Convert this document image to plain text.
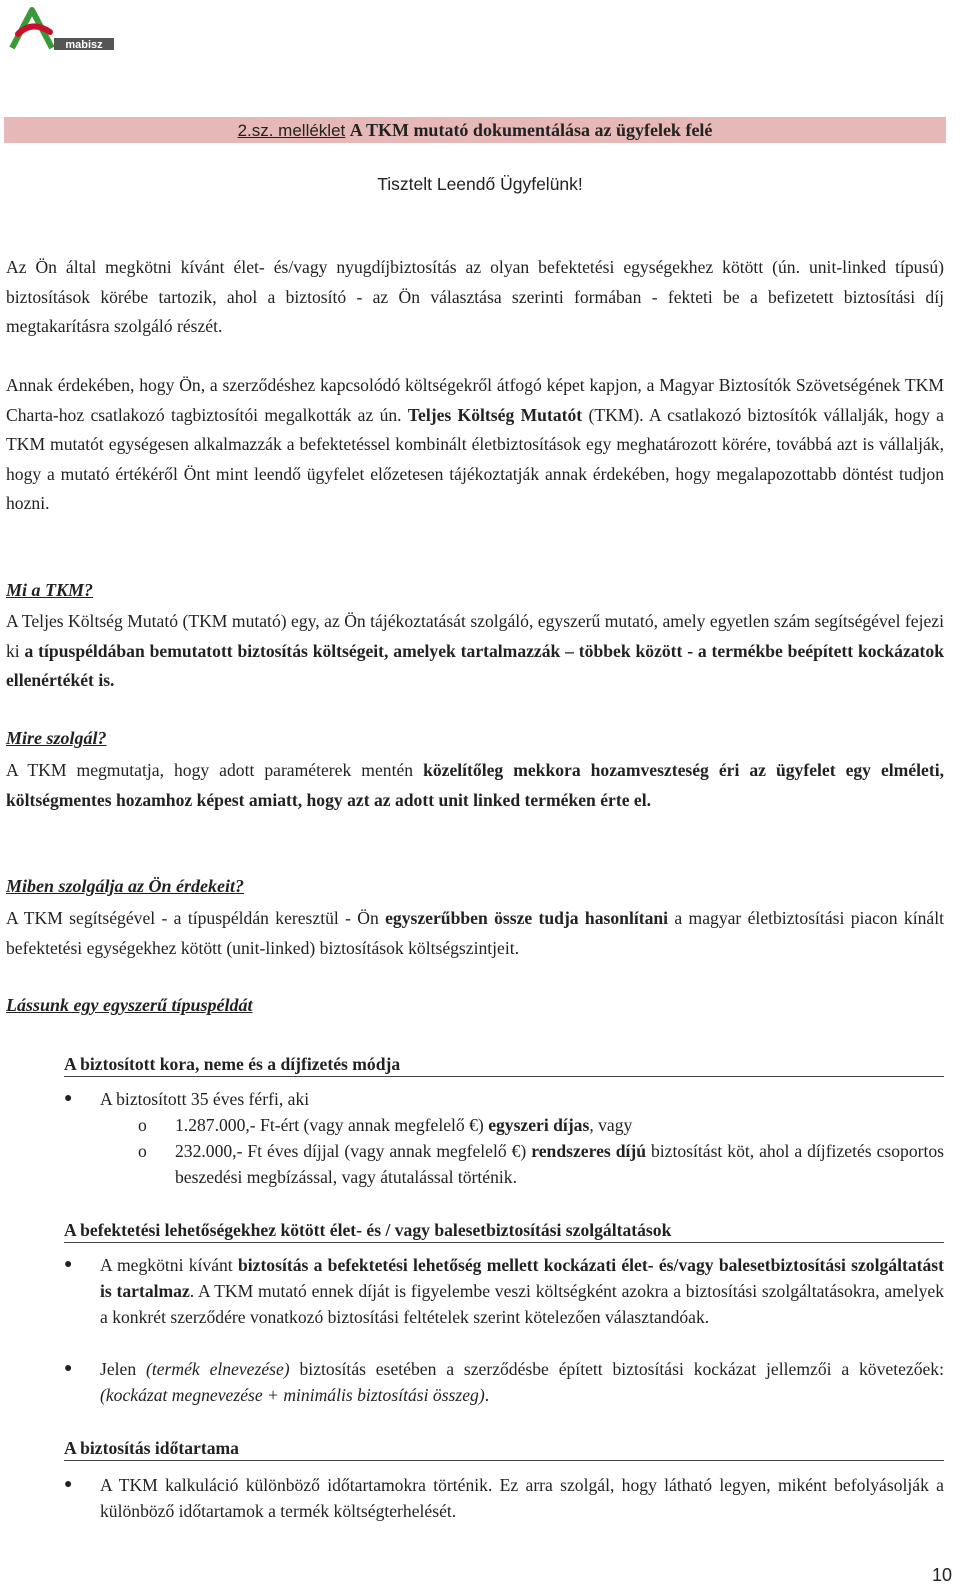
mabisz
2.sz. melléklet A TKM mutató dokumentálása az ügyfelek felé
Tisztelt Leendő Ügyfelünk!

Az Ön által megkötni kívánt élet- és/vagy nyugdíjbiztosítás az olyan befektetési egységekhez kötött (ún. unit-linked típusú) biztosítások körébe tartozik, ahol a biztosító - az Ön választása szerinti formában - fekteti be a befizetett biztosítási díj megtakarításra szolgáló részét.

Annak érdekében, hogy Ön, a szerződéshez kapcsolódó költségekről átfogó képet kapjon, a Magyar Biztosítók Szövetségének TKM Charta-hoz csatlakozó tagbiztosítói megalkották az ún. Teljes Költség Mutatót (TKM). A csatlakozó biztosítók vállalják, hogy a TKM mutatót egységesen alkalmazzák a befektetéssel kombinált életbiztosítások egy meghatározott körére, továbbá azt is vállalják, hogy a mutató értékéről Önt mint leendő ügyfelet előzetesen tájékoztatják annak érdekében, hogy megalapozottabb döntést tudjon hozni.

Mi a TKM?

A Teljes Költség Mutató (TKM mutató) egy, az Ön tájékoztatását szolgáló, egyszerű mutató, amely egyetlen szám segítségével fejezi ki a típuspéldában bemutatott biztosítás költségeit, amelyek tartalmazzák – többek között - a termékbe beépített kockázatok ellenértékét is.

Mire szolgál?

A TKM megmutatja, hogy adott paraméterek mentén közelítőleg mekkora hozamveszteség éri az ügyfelet egy elméleti, költségmentes hozamhoz képest amiatt, hogy azt az adott unit linked terméken érte el.

Miben szolgálja az Ön érdekeit?

A TKM segítségével - a típuspéldán keresztül - Ön egyszerűbben össze tudja hasonlítani a magyar életbiztosítási piacon kínált befektetési egységekhez kötött (unit-linked) biztosítások költségszintjeit.

Lássunk egy egyszerű típuspéldát
A biztosított kora, neme és a díjfizetés módja
● A biztosított 35 éves férfi, aki
o 1.287.000,- Ft-ért (vagy annak megfelelő €) egyszeri díjas, vagy
o 232.000,- Ft éves díjjal (vagy annak megfelelő €) rendszeres díjú biztosítást köt, ahol a díjfizetés csoportos beszedési megbízással, vagy átutalással történik.
A befektetési lehetőségekhez kötött élet- és / vagy balesetbiztosítási szolgáltatások
● A megkötni kívánt biztosítás a befektetési lehetőség mellett kockázati élet- és/vagy balesetbiztosítási szolgáltatást is tartalmaz. A TKM mutató ennek díját is figyelembe veszi költségként azokra a biztosítási szolgáltatásokra, amelyek a konkrét szerződére vonatkozó biztosítási feltételek szerint kötelezően választandóak.
● Jelen (termék elnevezése) biztosítás esetében a szerződésbe épített biztosítási kockázat jellemzői a követezőek: (kockázat megnevezése + minimális biztosítási összeg).
A biztosítás időtartama
● A TKM kalkuláció különböző időtartamokra történik. Ez arra szolgál, hogy látható legyen, miként befolyásolják a különböző időtartamok a termék költségterhelését.
10
